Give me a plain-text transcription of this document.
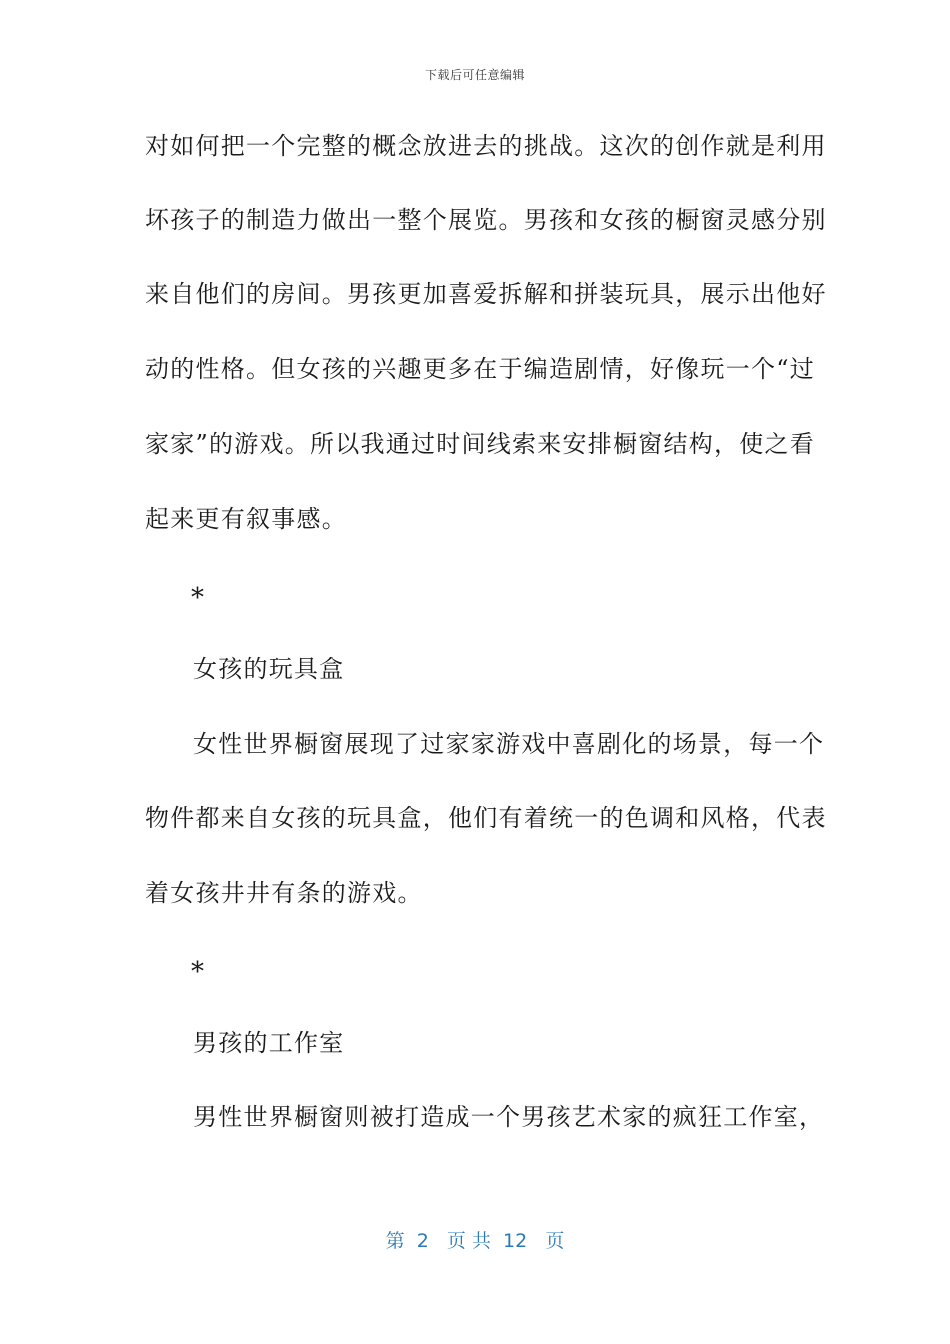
下载后可任意编辑
对如何把一个完整的概念放进去的挑战。这次的创作就是利用
坏孩子的制造力做出一整个展览。男孩和女孩的橱窗灵感分别
来自他们的房间。男孩更加喜爱拆解和拼装玩具，展示出他好
动的性格。但女孩的兴趣更多在于编造剧情，好像玩一个“过
家家”的游戏。所以我通过时间线索来安排橱窗结构，使之看
起来更有叙事感。
*
女孩的玩具盒
女性世界橱窗展现了过家家游戏中喜剧化的场景，每一个
物件都来自女孩的玩具盒，他们有着统一的色调和风格，代表
着女孩井井有条的游戏。
*
男孩的工作室
男性世界橱窗则被打造成一个男孩艺术家的疯狂工作室，
第  2   页 共  12   页
